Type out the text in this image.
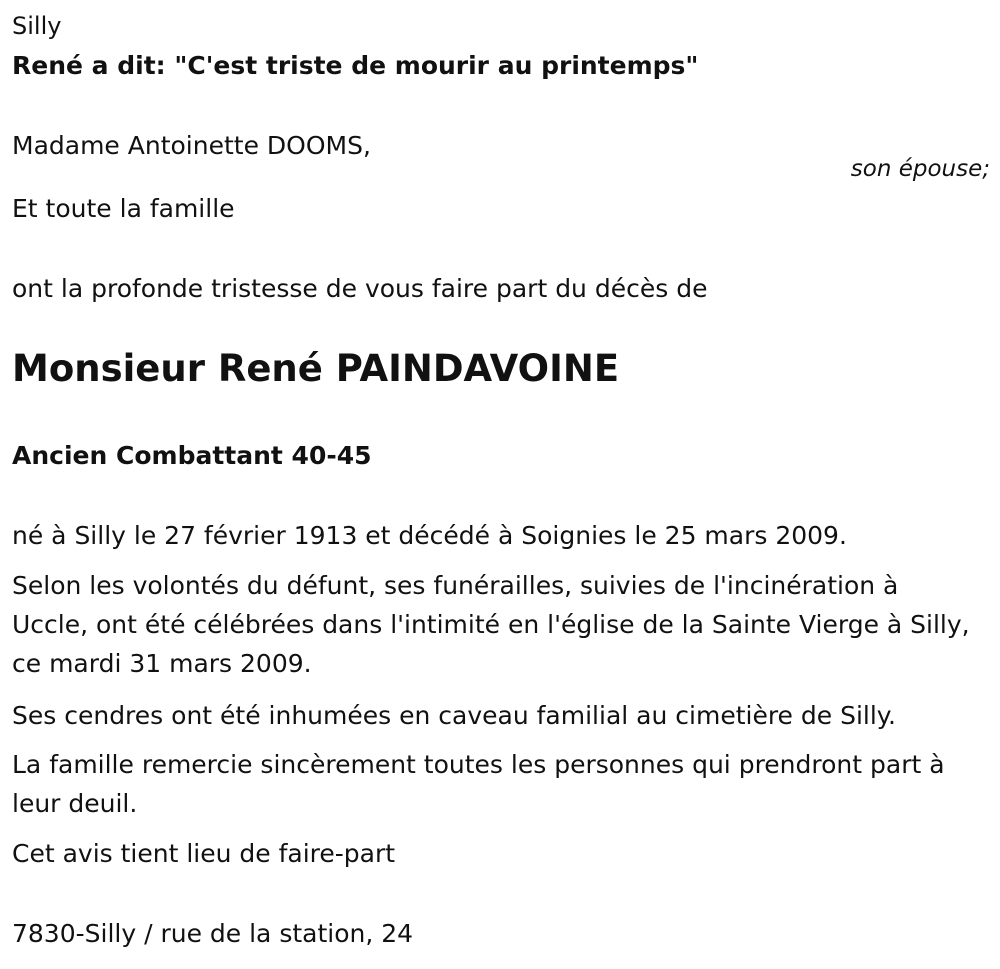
Silly
René a dit: "C'est triste de mourir au printemps"
Madame Antoinette DOOMS,
son épouse;
Et toute la famille
ont la profonde tristesse de vous faire part du décès de
Monsieur René PAINDAVOINE
Ancien Combattant 40-45
né à Silly le 27 février 1913 et décédé à Soignies le 25 mars 2009.
Selon les volontés du défunt, ses funérailles, suivies de l'incinération à Uccle, ont été célébrées dans l'intimité en l'église de la Sainte Vierge à Silly, ce mardi 31 mars 2009.
Ses cendres ont été inhumées en caveau familial au cimetière de Silly.
La famille remercie sincèrement toutes les personnes qui prendront part à leur deuil.
Cet avis tient lieu de faire-part
7830-Silly / rue de la station, 24
